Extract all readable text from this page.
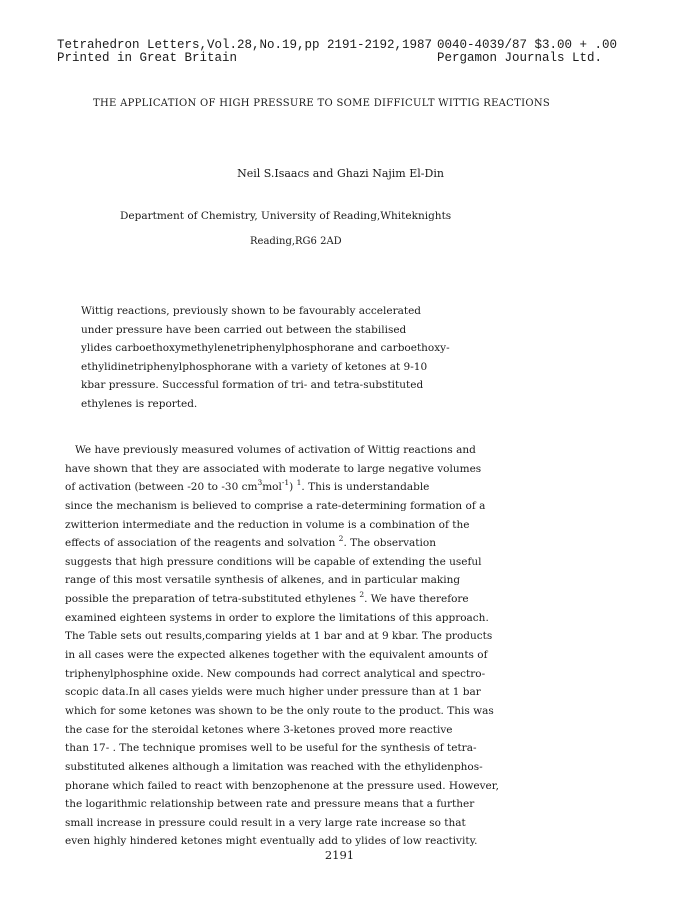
Tetrahedron Letters,Vol.28,No.19,pp 2191-2192,1987
Printed in Great Britain
0040-4039/87 $3.00 + .00
Pergamon Journals Ltd.
THE APPLICATION OF HIGH PRESSURE TO SOME DIFFICULT WITTIG REACTIONS
Neil S.Isaacs and Ghazi Najim El-Din
Department of Chemistry, University of Reading,Whiteknights
Reading,RG6 2AD
Wittig reactions, previously shown to be favourably accelerated
under pressure have been carried out between the stabilised
ylides carboethoxymethylenetriphenylphosphorane and carboethoxy-
ethylidinetriphenylphosphorane with a variety of ketones at 9-10
kbar pressure. Successful formation of tri- and tetra-substituted
ethylenes is reported.
We have previously measured volumes of activation of Wittig reactions and
have shown that they are associated with moderate to large negative volumes
of activation (between -20 to -30 $cm^3mol^{-1}$) $^1$. This is understandable
since the mechanism is believed to comprise a rate-determining formation of a
zwitterion intermediate and the reduction in volume is a combination of the
effects of association of the reagents and solvation $^2$. The observation
suggests that high pressure conditions will be capable of extending the useful
range of this most versatile synthesis of alkenes, and in particular making
possible the preparation of tetra-substituted ethylenes $^2$. We have therefore
examined eighteen systems in order to explore the limitations of this approach.
The Table sets out results,comparing yields at 1 bar and at 9 kbar. The products
in all cases were the expected alkenes together with the equivalent amounts of
triphenylphosphine oxide. New compounds had correct analytical and spectro-
scopic data.In all cases yields were much higher under pressure than at 1 bar
which for some ketones was shown to be the only route to the product. This was
the case for the steroidal ketones where 3-ketones proved more reactive
than 17- . The technique promises well to be useful for the synthesis of tetra-
substituted alkenes although a limitation was reached with the ethylidenphos-
phorane which failed to react with benzophenone at the pressure used. However,
the logarithmic relationship between rate and pressure means that a further
small increase in pressure could result in a very large rate increase so that
even highly hindered ketones might eventually add to ylides of low reactivity.
2191
